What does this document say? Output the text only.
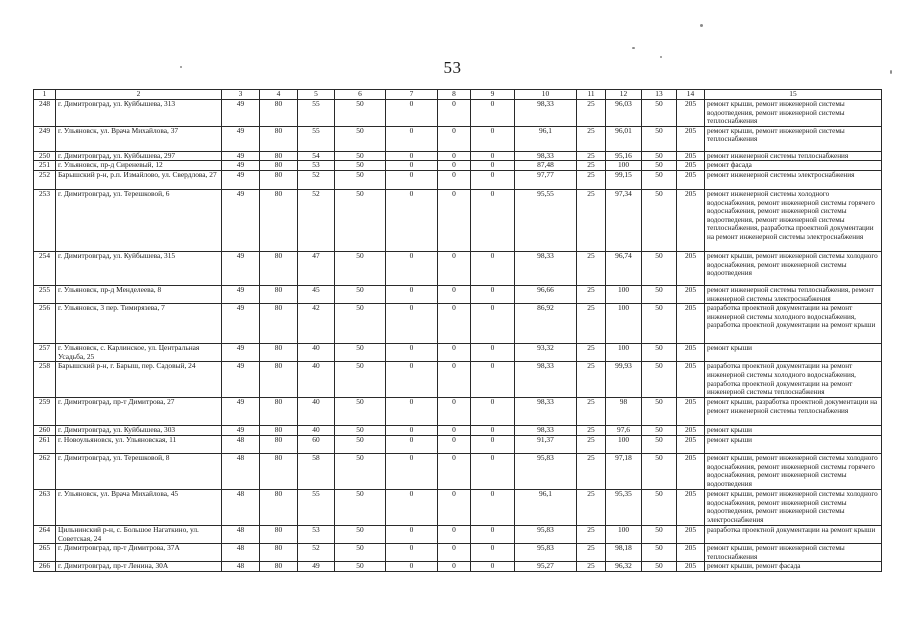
53
1	2	3	4	5	6	7	8	9	10	11	12	13	14	15
248	г. Димитровград, ул. Куйбышева, 313	49	80	55	50	0	0	0	98,33	25	96,03	50	205	ремонт крыши, ремонт инженерной системы водоотведения, ремонт инженерной системы теплоснабжения
249	г. Ульяновск, ул. Врача Михайлова, 37	49	80	55	50	0	0	0	96,1	25	96,01	50	205	ремонт крыши, ремонт инженерной системы теплоснабжения
250	г. Димитровград, ул. Куйбышева, 297	49	80	54	50	0	0	0	98,33	25	95,16	50	205	ремонт инженерной системы теплоснабжения
251	г. Ульяновск, пр-д Сиреневый, 12	49	80	53	50	0	0	0	87,48	25	100	50	205	ремонт фасада
252	Барышский р-н, р.п. Измайлово, ул. Свердлова, 27	49	80	52	50	0	0	0	97,77	25	99,15	50	205	ремонт инженерной системы электроснабжения
253	г. Димитровград, ул. Терешковой, 6	49	80	52	50	0	0	0	95,55	25	97,34	50	205	ремонт инженерной системы холодного водоснабжения, ремонт инженерной системы горячего водоснабжения, ремонт инженерной системы водоотведения, ремонт инженерной системы теплоснабжения, разработка проектной документации на ремонт инженерной системы электроснабжения
254	г. Димитровград, ул. Куйбышева, 315	49	80	47	50	0	0	0	98,33	25	96,74	50	205	ремонт крыши, ремонт инженерной системы холодного водоснабжения, ремонт инженерной системы водоотведения
255	г. Ульяновск, пр-д Менделеева, 8	49	80	45	50	0	0	0	96,66	25	100	50	205	ремонт инженерной системы теплоснабжения, ремонт инженерной системы электроснабжения
256	г. Ульяновск, 3 пер. Тимирязева, 7	49	80	42	50	0	0	0	86,92	25	100	50	205	разработка проектной документации на ремонт инженерной системы холодного водоснабжения, разработка проектной документации на ремонт крыши
257	г. Ульяновск, с. Карлинское, ул. Центральная Усадьба, 25	49	80	40	50	0	0	0	93,32	25	100	50	205	ремонт крыши
258	Барышский р-н, г. Барыш, пер. Садовый, 24	49	80	40	50	0	0	0	98,33	25	99,93	50	205	разработка проектной документации на ремонт инженерной системы холодного водоснабжения, разработка проектной документации на ремонт инженерной системы теплоснабжения
259	г. Димитровград, пр-т Димитрова, 27	49	80	40	50	0	0	0	98,33	25	98	50	205	ремонт крыши, разработка проектной документации на ремонт инженерной системы теплоснабжения
260	г. Димитровград, ул. Куйбышева, 303	49	80	40	50	0	0	0	98,33	25	97,6	50	205	ремонт крыши
261	г. Новоульяновск, ул. Ульяновская, 11	48	80	60	50	0	0	0	91,37	25	100	50	205	ремонт крыши
262	г. Димитровград, ул. Терешковой, 8	48	80	58	50	0	0	0	95,83	25	97,18	50	205	ремонт крыши, ремонт инженерной системы холодного водоснабжения, ремонт инженерной системы горячего водоснабжения, ремонт инженерной системы водоотведения
263	г. Ульяновск, ул. Врача Михайлова, 45	48	80	55	50	0	0	0	96,1	25	95,35	50	205	ремонт крыши, ремонт инженерной системы холодного водоснабжения, ремонт инженерной системы водоотведения, ремонт инженерной системы электроснабжения
264	Цильнинский р-н, с. Большое Нагаткино, ул. Советская, 24	48	80	53	50	0	0	0	95,83	25	100	50	205	разработка проектной документации на ремонт крыши
265	г. Димитровград, пр-т Димитрова, 37А	48	80	52	50	0	0	0	95,83	25	98,18	50	205	ремонт крыши, ремонт инженерной системы теплоснабжения
266	г. Димитровград, пр-т Ленина, 30А	48	80	49	50	0	0	0	95,27	25	96,32	50	205	ремонт крыши, ремонт фасада
